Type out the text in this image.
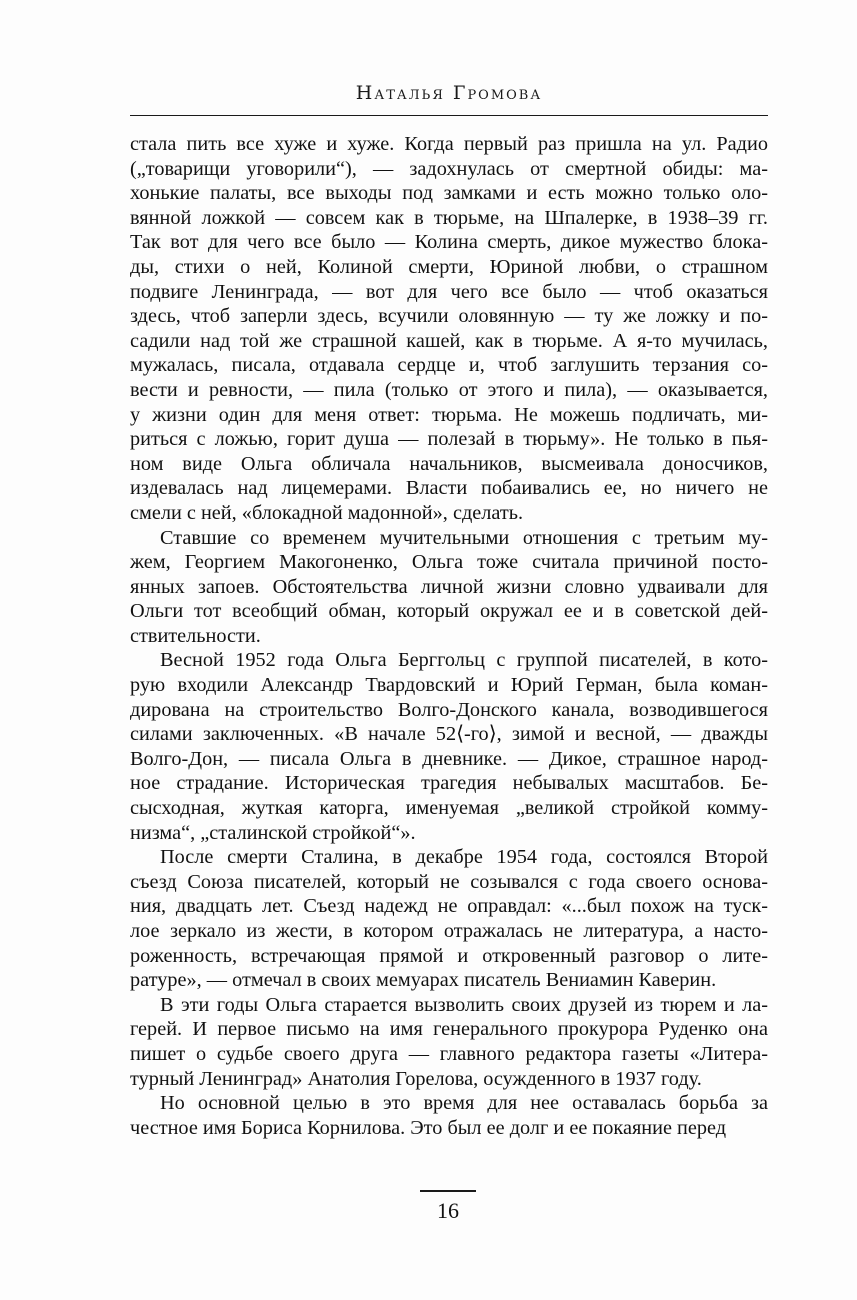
Наталья Громова
стала пить все хуже и хуже. Когда первый раз пришла на ул. Радио
(„товарищи уговорили“), — задохнулась от смертной обиды: ма-
хонькие палаты, все выходы под замками и есть можно только оло-
вянной ложкой — совсем как в тюрьме, на Шпалерке, в 1938–39 гг.
Так вот для чего все было — Колина смерть, дикое мужество блока-
ды, стихи о ней, Колиной смерти, Юриной любви, о страшном
подвиге Ленинграда, — вот для чего все было — чтоб оказаться
здесь, чтоб заперли здесь, всучили оловянную — ту же ложку и по-
садили над той же страшной кашей, как в тюрьме. А я-то мучилась,
мужалась, писала, отдавала сердце и, чтоб заглушить терзания со-
вести и ревности, — пила (только от этого и пила), — оказывается,
у жизни один для меня ответ: тюрьма. Не можешь подличать, ми-
риться с ложью, горит душа — полезай в тюрьму». Не только в пья-
ном виде Ольга обличала начальников, высмеивала доносчиков,
издевалась над лицемерами. Власти побаивались ее, но ничего не
смели с ней, «блокадной мадонной», сделать.
Ставшие со временем мучительными отношения с третьим му-
жем, Георгием Макогоненко, Ольга тоже считала причиной посто-
янных запоев. Обстоятельства личной жизни словно удваивали для
Ольги тот всеобщий обман, который окружал ее и в советской дей-
ствительности.
Весной 1952 года Ольга Берггольц с группой писателей, в кото-
рую входили Александр Твардовский и Юрий Герман, была коман-
дирована на строительство Волго-Донского канала, возводившегося
силами заключенных. «В начале 52⟨-го⟩, зимой и весной, — дважды
Волго-Дон, — писала Ольга в дневнике. — Дикое, страшное народ-
ное страдание. Историческая трагедия небывалых масштабов. Бе-
сысходная, жуткая каторга, именуемая „великой стройкой комму-
низма“, „сталинской стройкой“».
После смерти Сталина, в декабре 1954 года, состоялся Второй
съезд Союза писателей, который не созывался с года своего основа-
ния, двадцать лет. Съезд надежд не оправдал: «...был похож на туск-
лое зеркало из жести, в котором отражалась не литература, а насто-
роженность, встречающая прямой и откровенный разговор о лите-
ратуре», — отмечал в своих мемуарах писатель Вениамин Каверин.
В эти годы Ольга старается вызволить своих друзей из тюрем и ла-
герей. И первое письмо на имя генерального прокурора Руденко она
пишет о судьбе своего друга — главного редактора газеты «Литера-
турный Ленинград» Анатолия Горелова, осужденного в 1937 году.
Но основной целью в это время для нее оставалась борьба за
честное имя Бориса Корнилова. Это был ее долг и ее покаяние перед
16
